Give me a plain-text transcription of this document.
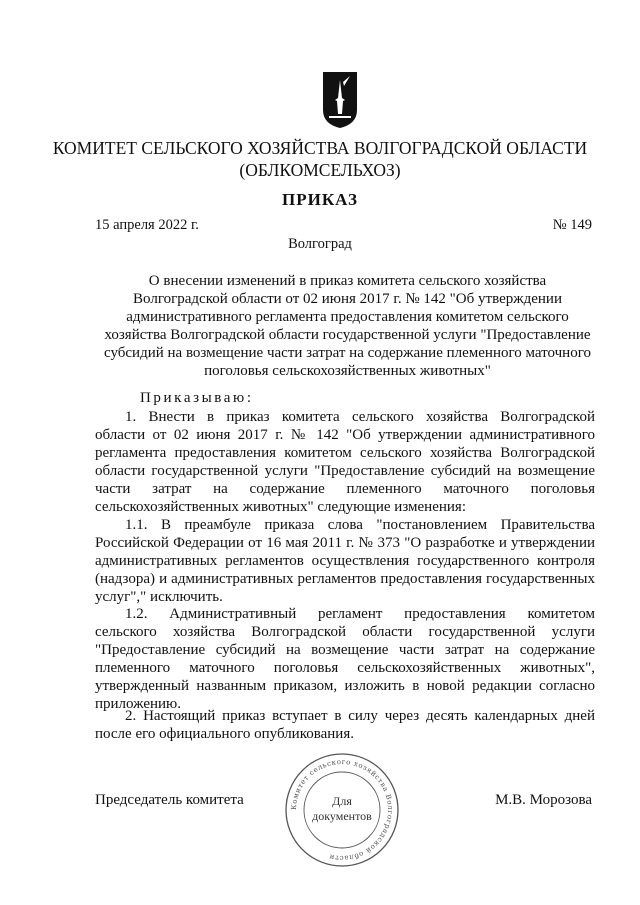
КОМИТЕТ СЕЛЬСКОГО ХОЗЯЙСТВА ВОЛГОГРАДСКОЙ ОБЛАСТИ
(ОБЛКОМСЕЛЬХОЗ)
ПРИКАЗ
15 апреля 2022 г.	№ 149
Волгоград
О внесении изменений в приказ комитета сельского хозяйства
Волгоградской области от 02 июня 2017 г. № 142 "Об утверждении
административного регламента предоставления комитетом сельского
хозяйства Волгоградской области государственной услуги "Предоставление
субсидий на возмещение части затрат на содержание племенного маточного
поголовья сельскохозяйственных животных"
Приказываю:
1. Внести в приказ комитета сельского хозяйства Волгоградской
области от 02 июня 2017 г. № 142 "Об утверждении административного
регламента предоставления комитетом сельского хозяйства Волгоградской
области государственной услуги "Предоставление субсидий на возмещение
части затрат на содержание племенного маточного поголовья
сельскохозяйственных животных" следующие изменения:
1.1. В преамбуле приказа слова "постановлением Правительства
Российской Федерации от 16 мая 2011 г. № 373 "О разработке и утверждении
административных регламентов осуществления государственного контроля
(надзора) и административных регламентов предоставления государственных
услуг"," исключить.
1.2. Административный регламент предоставления комитетом
сельского хозяйства Волгоградской области государственной услуги
"Предоставление субсидий на возмещение части затрат на содержание
племенного маточного поголовья сельскохозяйственных животных",
утвержденный названным приказом, изложить в новой редакции согласно
приложению.
2. Настоящий приказ вступает в силу через десять календарных дней
после его официального опубликования.
Председатель комитета	М.В. Морозова
Комитет сельского хозяйства Волгоградской области
Для
документов
